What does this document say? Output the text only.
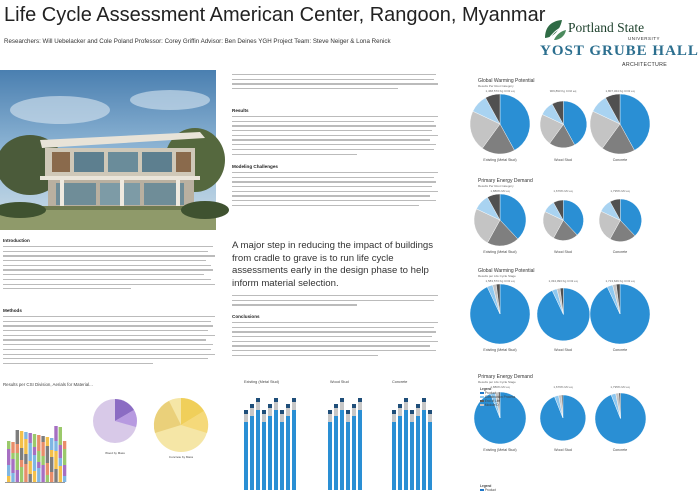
Life Cycle Assessment American Center, Rangoon, Myanmar
Researchers: Will Uebelacker and Cole Poland Professor: Corey Griffin Advisor: Ben Deines YGH Project Team: Steve Neiger & Lona Renick
Portland State
UNIVERSITY
YOST GRUBE HALL
ARCHITECTURE
Introduction
Methods
Results per CSI Division, Aerials for Material...
Wood by Mass
Concrete by Mass
Results
Modeling Challenges
A major step in reducing the impact of buildings from cradle to grave is to run life cycle assessments early in the design phase to help inform material selection.
Conclusions
Existing (Metal Stud)	Wood Stud	Concrete
Global Warming Potential
Results Per Root Category
1,468,573 Kg CO2 eq
Existing (Metal Stud)
909,893 Kg CO2 eq
Wood Stud
1,807,324 Kg CO2 eq
Concrete
Primary Energy Demand
Results Per Root Category
1,880% MJ eq
Existing (Metal Stud)
1,676% MJ eq
Wood Stud
1,795% MJ eq
Concrete
Global Warming Potential
Results per Life Cycle Stage
1,583,573 Kg CO2 eq
Existing (Metal Stud)
1,334,093 Kg CO2 eq
Wood Stud
1,713,649 Kg CO2 eq
Concrete
Primary Energy Demand
Results per Life Cycle Stage
1,880% MJ eq
Existing (Metal Stud)
1,676% MJ eq
Wood Stud
1,795% MJ eq
Concrete
Legend
Product
Construction Process
End of Life
Module D
Legend
Product
